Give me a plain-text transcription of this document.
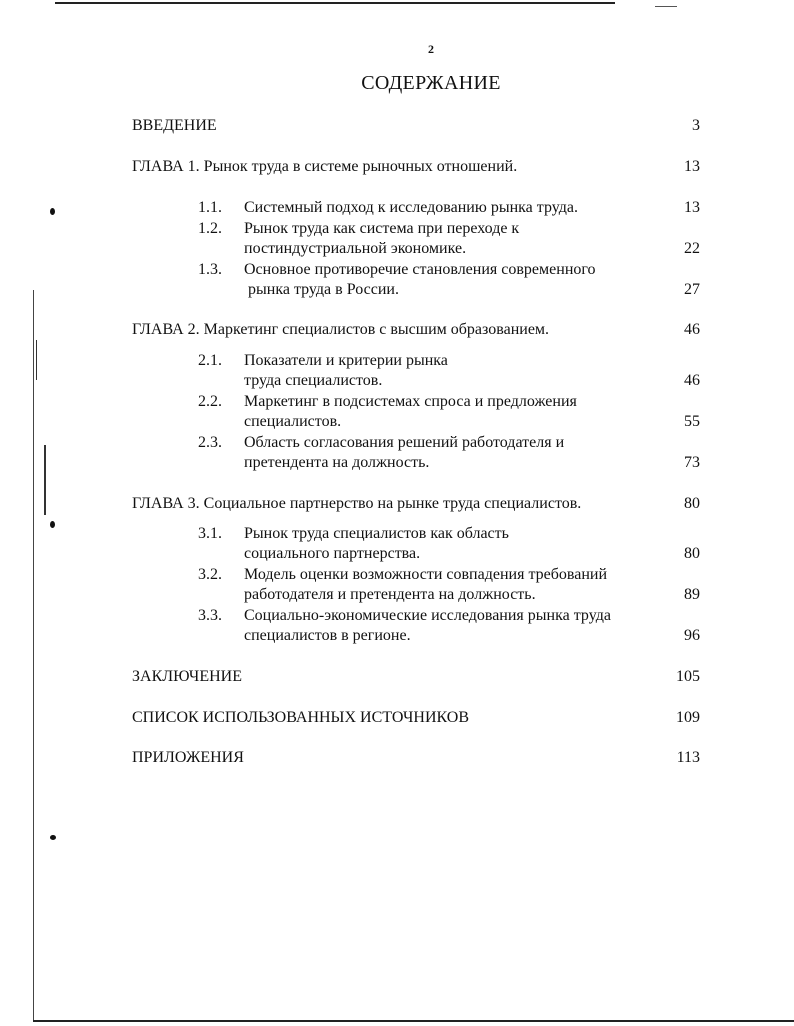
2
СОДЕРЖАНИЕ
ВВЕДЕНИЕ	3
ГЛАВА 1. Рынок труда в системе рыночных отношений.	13
1.1. Системный подход к исследованию рынка труда.	13
1.2. Рынок труда как система при переходе к
постиндустриальной экономике.	22
1.3. Основное противоречие становления современного
рынка труда в России.	27
ГЛАВА 2. Маркетинг специалистов с высшим образованием.	46
2.1. Показатели и критерии рынка
труда специалистов.	46
2.2. Маркетинг в подсистемах спроса и предложения
специалистов.	55
2.3. Область согласования решений работодателя и
претендента на должность.	73
ГЛАВА 3. Социальное партнерство на рынке труда специалистов.	80
3.1. Рынок труда специалистов как область
социального партнерства.	80
3.2. Модель оценки возможности совпадения требований
работодателя и претендента на должность.	89
3.3. Социально-экономические исследования рынка труда
специалистов в регионе.	96
ЗАКЛЮЧЕНИЕ	105
СПИСОК ИСПОЛЬЗОВАННЫХ ИСТОЧНИКОВ	109
ПРИЛОЖЕНИЯ	113
